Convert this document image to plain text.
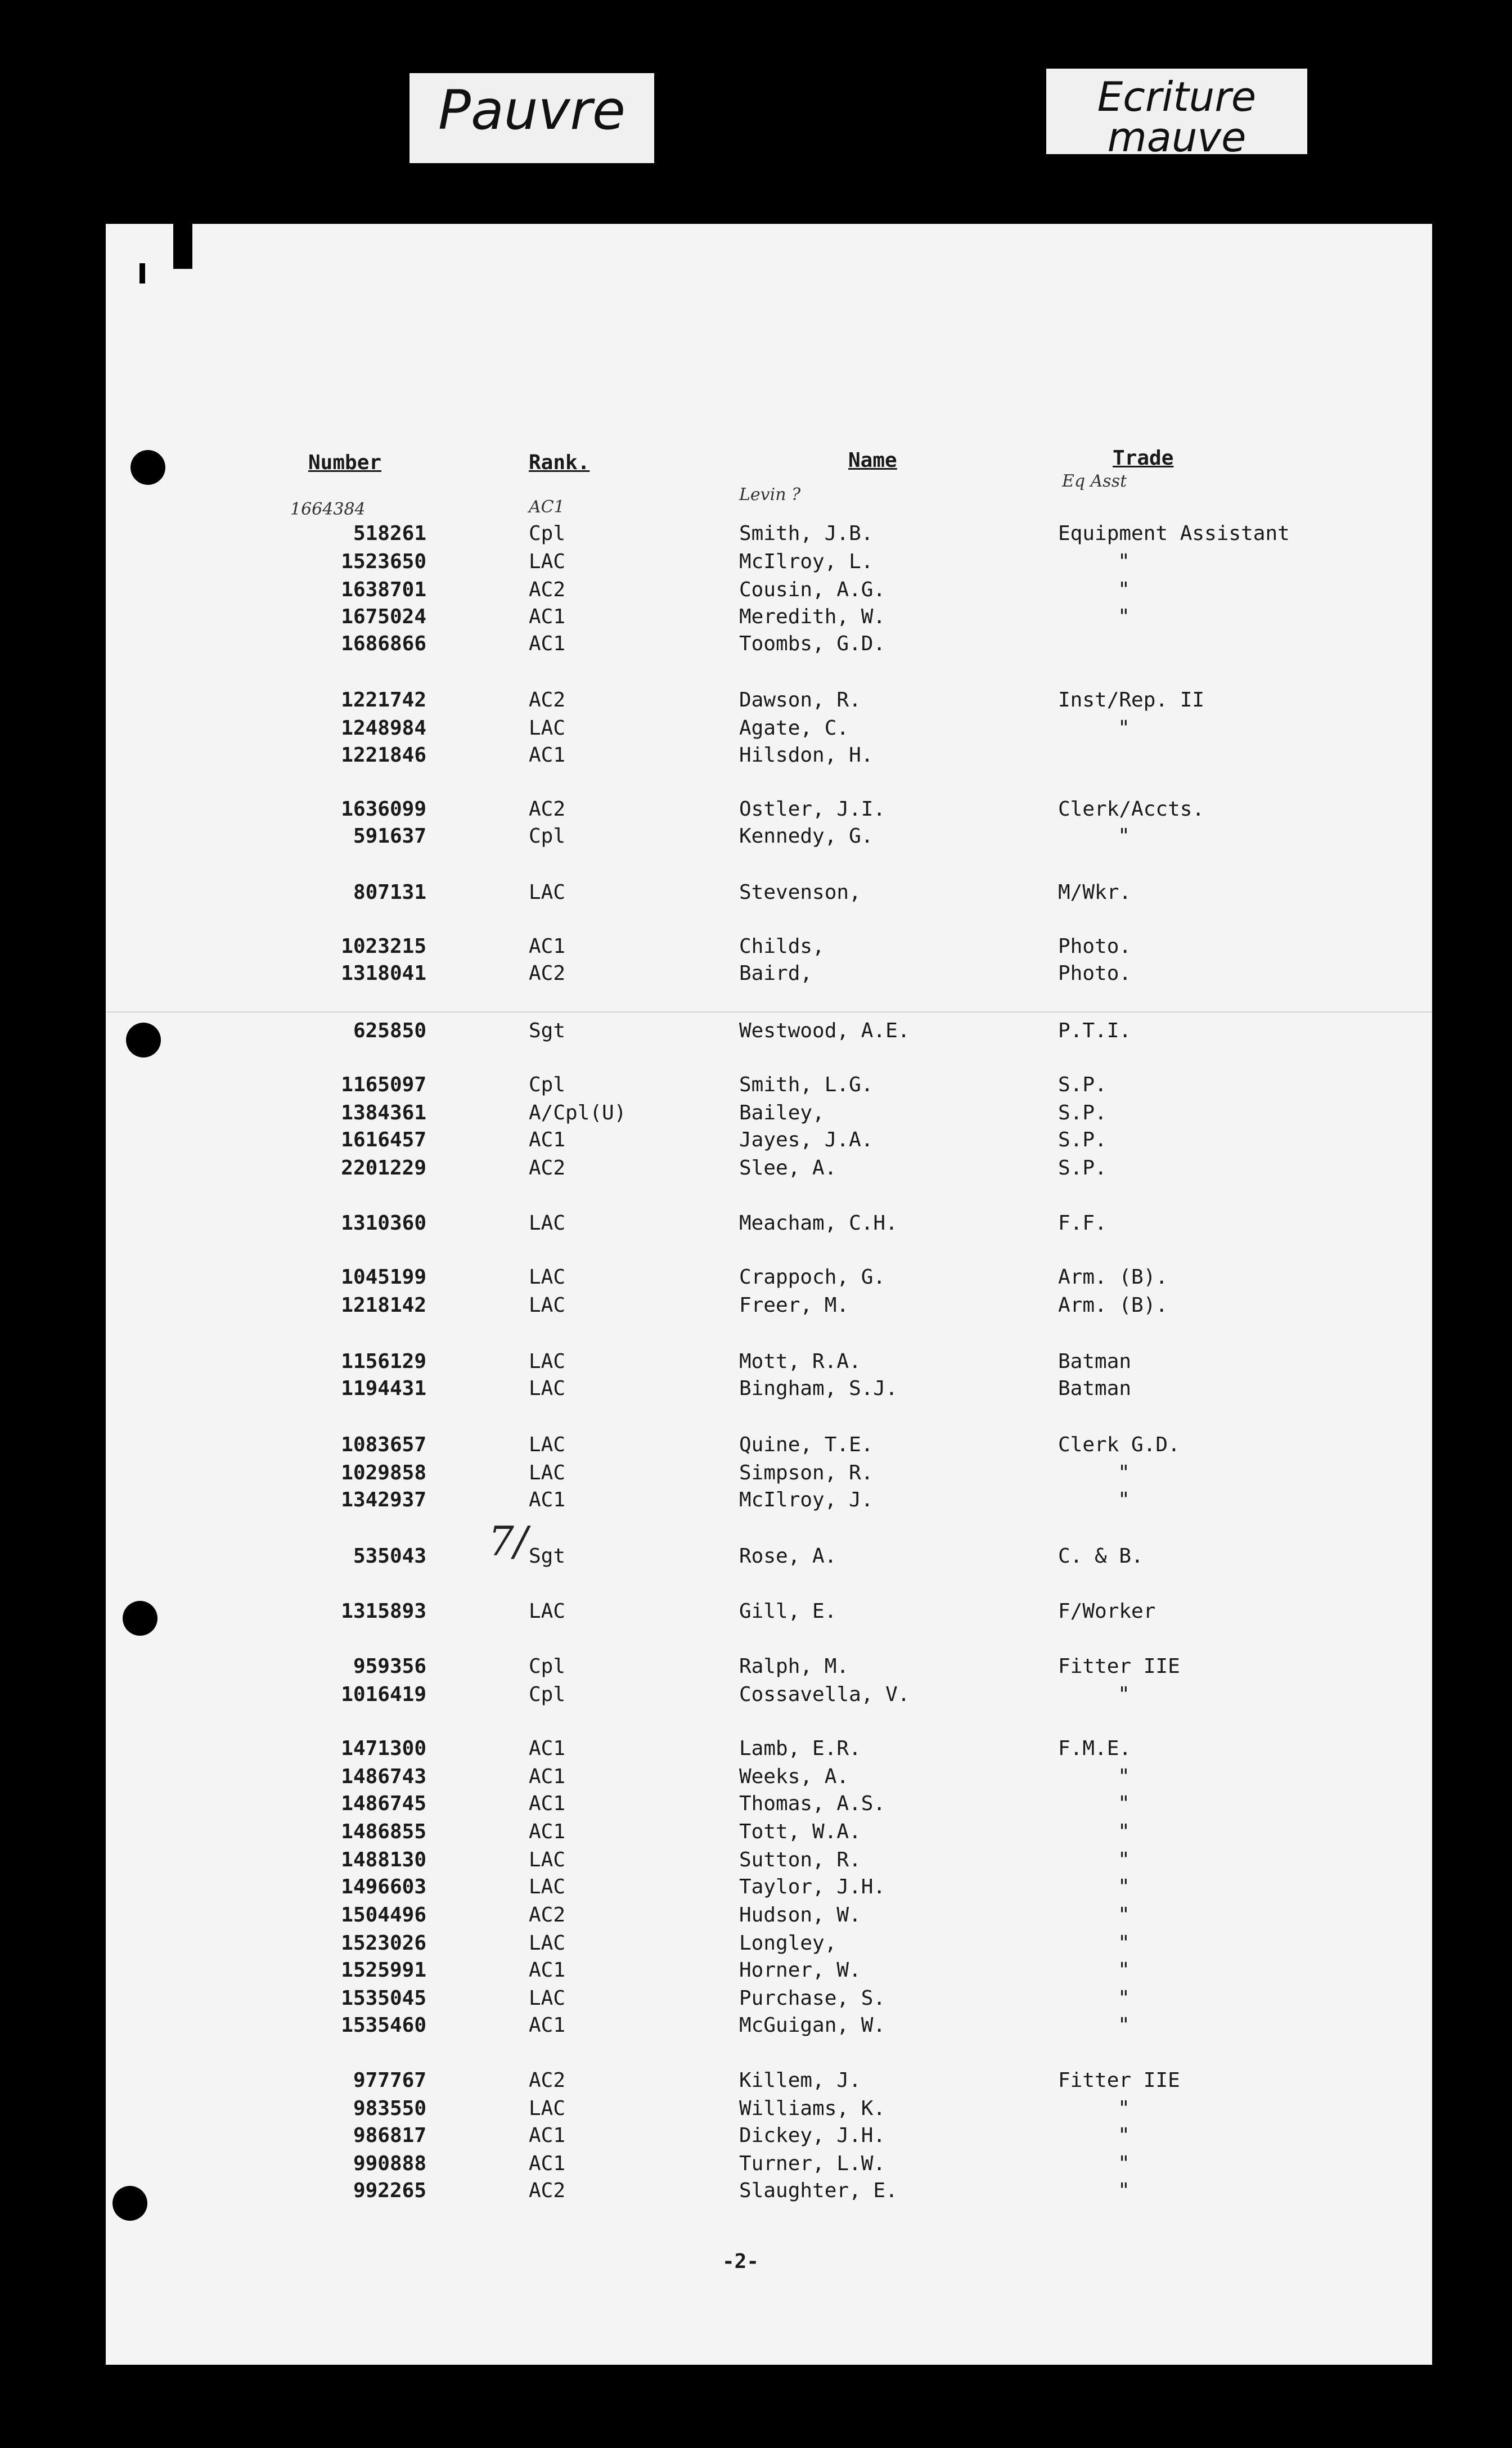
Pauvre	Ecriture
mauve
Number	Rank.	Name	Trade
1664384	AC1
Levin ?
Eq Asst
7/
518261	Cpl	Smith, J.B.	Equipment Assistant
1523650	LAC	McIlroy, L.	"
1638701	AC2	Cousin, A.G.	"
1675024	AC1	Meredith, W.	"
1686866	AC1	Toombs, G.D.
1221742	AC2	Dawson, R.	Inst/Rep. II
1248984	LAC	Agate, C.	"
1221846	AC1	Hilsdon, H.
1636099	AC2	Ostler, J.I.	Clerk/Accts.
591637	Cpl	Kennedy, G.	"
807131	LAC	Stevenson,	M/Wkr.
1023215	AC1	Childs,	Photo.
1318041	AC2	Baird,	Photo.
625850	Sgt	Westwood, A.E.	P.T.I.
1165097	Cpl	Smith, L.G.	S.P.
1384361	A/Cpl(U)	Bailey,	S.P.
1616457	AC1	Jayes, J.A.	S.P.
2201229	AC2	Slee, A.	S.P.
1310360	LAC	Meacham, C.H.	F.F.
1045199	LAC	Crappoch, G.	Arm. (B).
1218142	LAC	Freer, M.	Arm. (B).
1156129	LAC	Mott, R.A.	Batman
1194431	LAC	Bingham, S.J.	Batman
1083657	LAC	Quine, T.E.	Clerk G.D.
1029858	LAC	Simpson, R.	"
1342937	AC1	McIlroy, J.	"
535043	Sgt	Rose, A.	C. & B.
1315893	LAC	Gill, E.	F/Worker
959356	Cpl	Ralph, M.	Fitter IIE
1016419	Cpl	Cossavella, V.	"
1471300	AC1	Lamb, E.R.	F.M.E.
1486743	AC1	Weeks, A.	"
1486745	AC1	Thomas, A.S.	"
1486855	AC1	Tott, W.A.	"
1488130	LAC	Sutton, R.	"
1496603	LAC	Taylor, J.H.	"
1504496	AC2	Hudson, W.	"
1523026	LAC	Longley,	"
1525991	AC1	Horner, W.	"
1535045	LAC	Purchase, S.	"
1535460	AC1	McGuigan, W.	"
977767	AC2	Killem, J.	Fitter IIE
983550	LAC	Williams, K.	"
986817	AC1	Dickey, J.H.	"
990888	AC1	Turner, L.W.	"
992265	AC2	Slaughter, E.	"
-2-
